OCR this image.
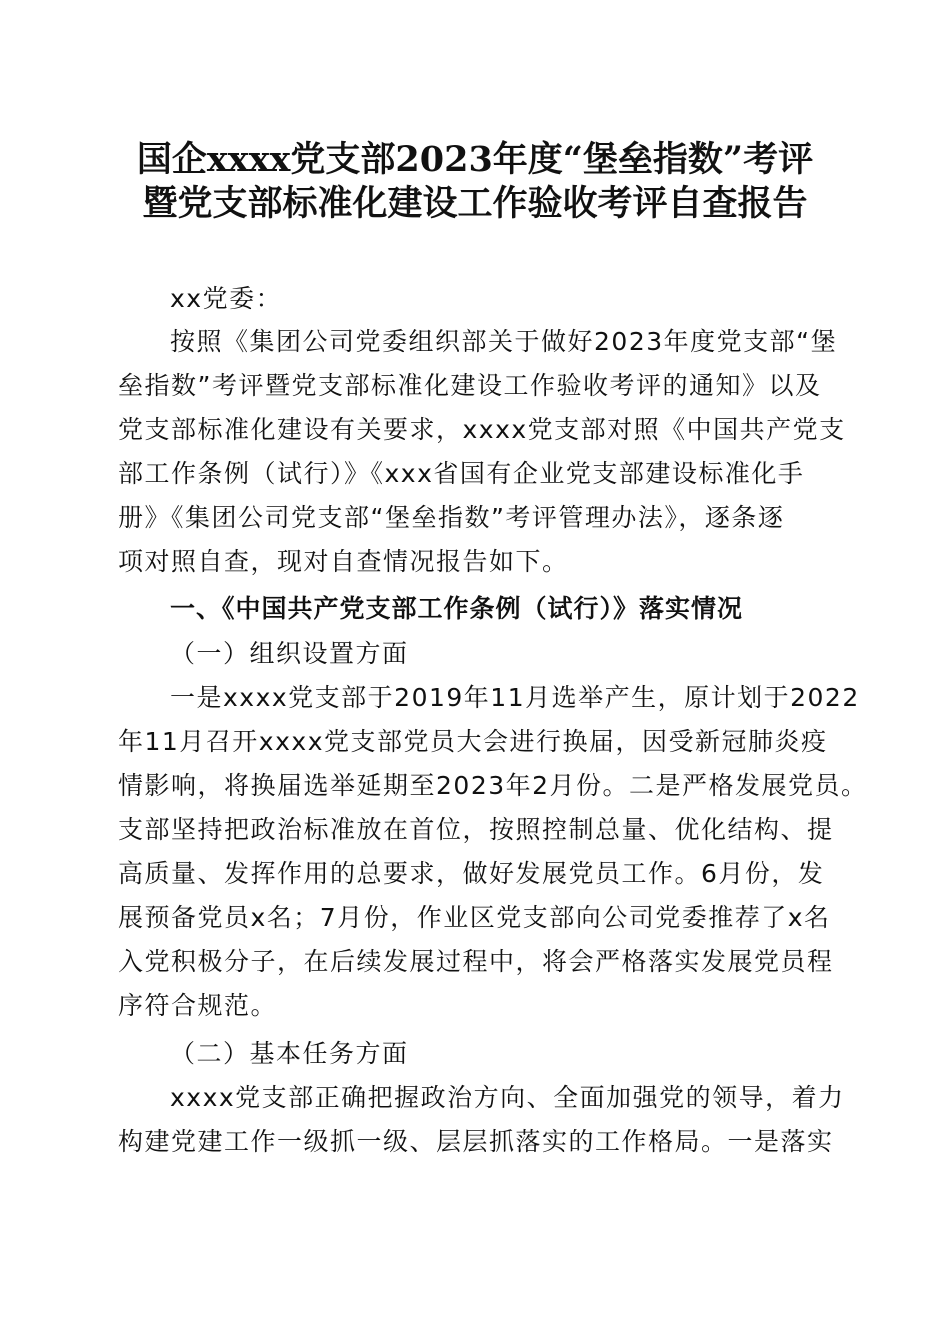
国企xxxx党支部2023年度“堡垒指数”考评
暨党支部标准化建设工作验收考评自查报告
xx党委：
按照《集团公司党委组织部关于做好2023年度党支部“堡
垒指数”考评暨党支部标准化建设工作验收考评的通知》以及
党支部标准化建设有关要求，xxxx党支部对照《中国共产党支
部工作条例（试行）》《xxx省国有企业党支部建设标准化手
册》《集团公司党支部“堡垒指数”考评管理办法》，逐条逐
项对照自查，现对自查情况报告如下。
一、《中国共产党支部工作条例（试行）》落实情况
（一）组织设置方面
一是xxxx党支部于2019年11月选举产生，原计划于2022
年11月召开xxxx党支部党员大会进行换届，因受新冠肺炎疫
情影响，将换届选举延期至2023年2月份。二是严格发展党员。
支部坚持把政治标准放在首位，按照控制总量、优化结构、提
高质量、发挥作用的总要求，做好发展党员工作。6月份，发
展预备党员x名；7月份，作业区党支部向公司党委推荐了x名
入党积极分子，在后续发展过程中，将会严格落实发展党员程
序符合规范。
（二）基本任务方面
xxxx党支部正确把握政治方向、全面加强党的领导，着力
构建党建工作一级抓一级、层层抓落实的工作格局。一是落实
